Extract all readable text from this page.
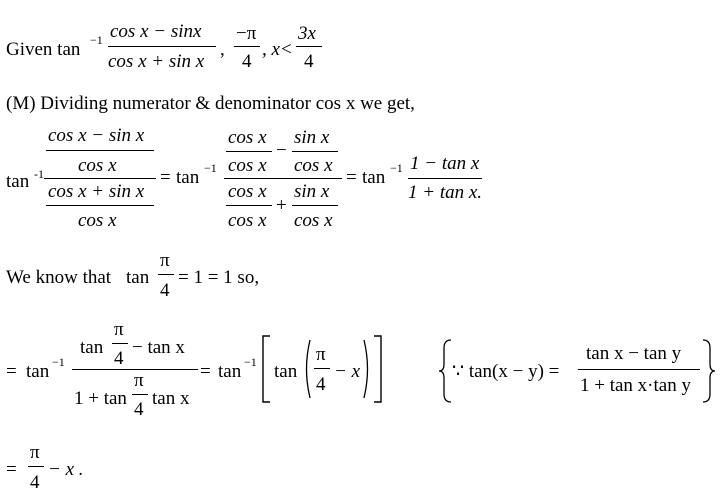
Given tan −1 cos x − sinx
cos x + sin x
,
−π
4
, x<
3x
4
(M) Dividing numerator & denominator cos x we get,
tan -1
cos x − sin x
cos x
cos x + sin x
cos x
= tan −1
cos x
cos x
−
sin x
cos x
cos x
cos x
+
sin x
cos x
= tan −1 1 − tan x
1 + tan x.
We know that tan
π
4
= 1 = 1 so,
= tan −1
tan
π
4
− tan x
1 + tan
π
4
tan x
= tan −1 tan
π
4
− x	∵ tan(x − y) =
tan x − tan y
1 + tan x·tan y
=
π
4
− x .
